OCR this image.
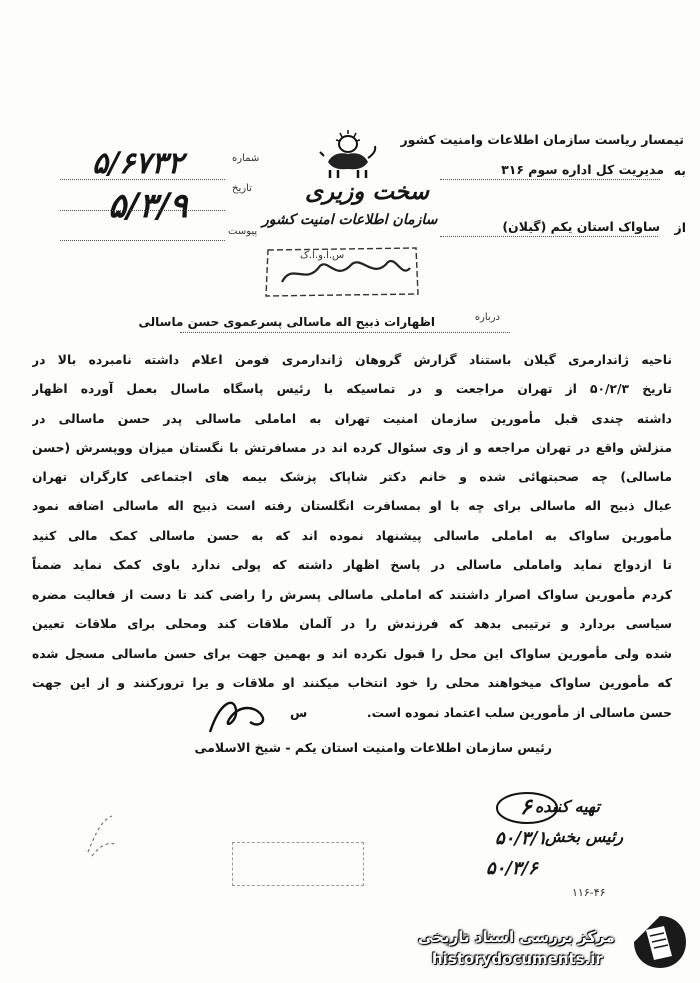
سخت وزیری
سازمان اطلاعات امنیت کشور
س.ا.و.ا.ک
تیمسار ریاست سازمان اطلاعات وامنیت کشور
به
مدیریت کل اداره سوم ۳۱۶
از
ساواک استان یکم (گیلان)
شماره
۵/۶۷۳۲
تاریخ
۵/۳/۹
پیوست
درباره
اظهارات ذبیح اله ماسالی پسرعموی حسن ماسالی
ناحیه ژاندارمری گیلان باستناد گزارش گروهان ژاندارمری فومن اعلام داشته نامبرده بالا در
تاریخ ۵۰/۲/۳ از تهران مراجعت و در تماسیکه با رئیس پاسگاه ماسال بعمل آورده اظهار
داشته چندی قبل مأمورین سازمان امنیت تهران به اماملی ماسالی پدر حسن ماسالی در
منزلش واقع در تهران مراجعه و از وی سئوال کرده اند در مسافرتش با نگستان میزان ووپسرش (حسن
ماسالی) چه صحبتهائی شده و خانم دکتر شاپاک پزشک بیمه های اجتماعی کارگران تهران
عیال ذبیح اله ماسالی برای چه با او بمسافرت انگلستان رفته است ذبیح اله ماسالی اضافه نمود
مأمورین ساواک به اماملی ماسالی پیشنهاد نموده اند که به حسن ماسالی کمک مالی کنید
تا ازدواج نماید واماملی ماسالی در پاسخ اظهار داشته که پولی ندارد باوی کمک نماید ضمناً
کردم مأمورین ساواک اصرار داشتند که اماملی ماسالی پسرش را راضی کند تا دست از فعالیت مضره
سیاسی بردارد و ترتیبی بدهد که فرزندش را در آلمان ملاقات کند ومحلی برای ملاقات تعیین
شده ولی مأمورین ساواک این محل را قبول نکرده اند و بهمین جهت برای حسن ماسالی مسجل شده
که مأمورین ساواک میخواهند محلی را خود انتخاب میکنند او ملاقات و یرا ترورکنند و از این جهت
حسن ماسالی از مأمورین سلب اعتماد نموده است.
س
رئیس سازمان اطلاعات وامنیت استان یکم - شیخ الاسلامی
تهیه کننده
رئیس بخش
۶
۵۰/۳/۱
۵۰/۳/۶
۱۱۶-۴۶
مرکز بررسی اسناد تاریخی
historydocuments.ir
